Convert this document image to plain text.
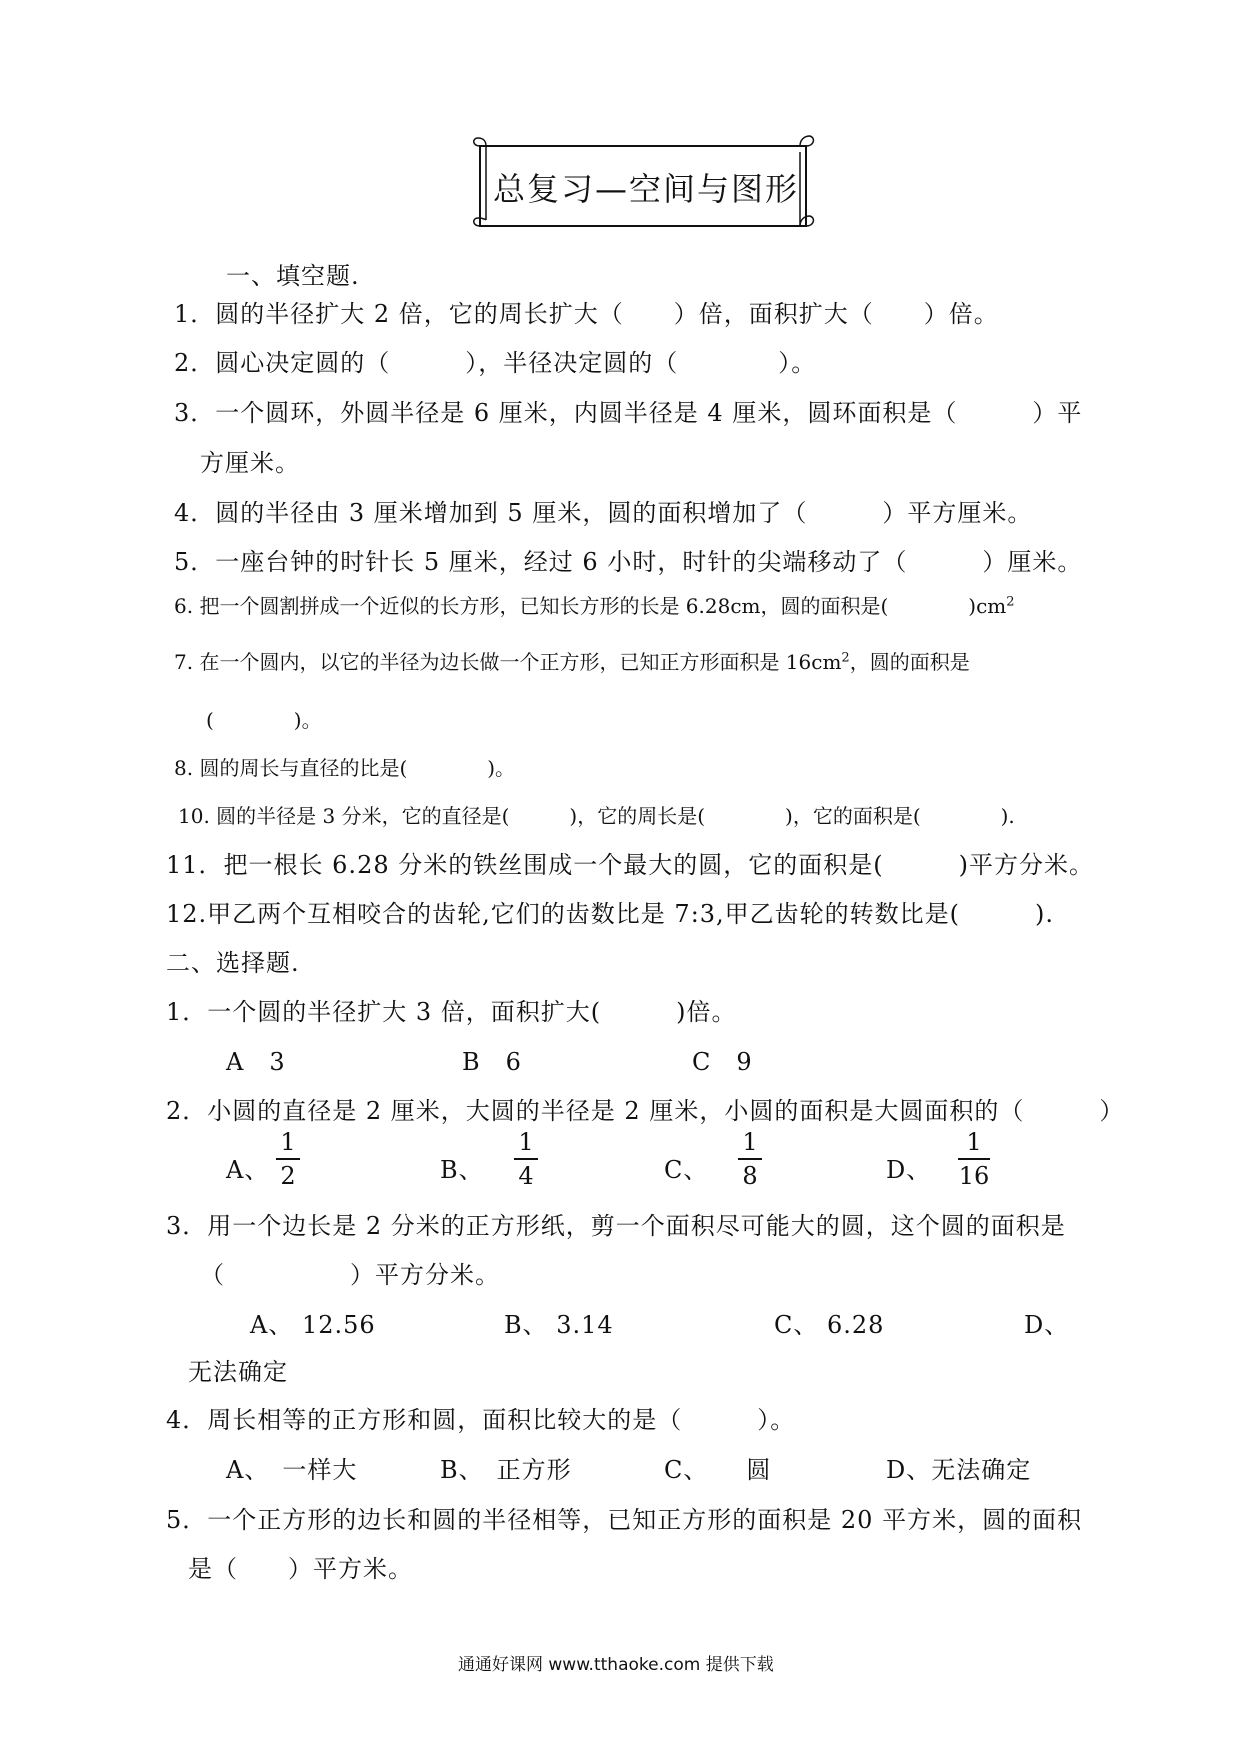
总复习—空间与图形
一、填空题.
1．圆的半径扩大 2 倍，它的周长扩大（　　）倍，面积扩大（　　）倍。
2．圆心决定圆的（　　　），半径决定圆的（　　　　）。
3．一个圆环，外圆半径是 6 厘米，内圆半径是 4 厘米，圆环面积是（　　　）平
方厘米。
4．圆的半径由 3 厘米增加到 5 厘米，圆的面积增加了（　　　）平方厘米。
5．一座台钟的时针长 5 厘米，经过 6 小时，时针的尖端移动了（　　　）厘米。
6. 把一个圆割拼成一个近似的长方形，已知长方形的长是 6.28cm，圆的面积是(　　　　)$cm^2$
7. 在一个圆内，以它的半径为边长做一个正方形，已知正方形面积是 $16cm^2$，圆的面积是
(　　　　)。
8. 圆的周长与直径的比是(　　　　)。
10. 圆的半径是 3 分米，它的直径是(　　　)，它的周长是(　　　　)，它的面积是(　　　　).
11．把一根长 6.28 分米的铁丝围成一个最大的圆，它的面积是(　　　)平方分米。
12.甲乙两个互相咬合的齿轮,它们的齿数比是 7:3,甲乙齿轮的转数比是(　　　).
二、选择题.
1．一个圆的半径扩大 3 倍，面积扩大(　　　)倍。
A　3	B　6	C　9
2．小圆的直径是 2 厘米，大圆的半径是 2 厘米，小圆的面积是大圆面积的（　　　）
A、
1
2	B、
1
4	C、
1
8	D、
1
16
3．用一个边长是 2 分米的正方形纸，剪一个面积尽可能大的圆，这个圆的面积是
（　　　　　）平方分米。
A、 12.56	B、 3.14	C、 6.28	D、
无法确定
4．周长相等的正方形和圆，面积比较大的是（　　　）。
A、　一样大	B、　正方形	C、　　圆	D、无法确定
5．一个正方形的边长和圆的半径相等，已知正方形的面积是 20 平方米，圆的面积
是（　　）平方米。
通通好课网 www.tthaoke.com 提供下载
